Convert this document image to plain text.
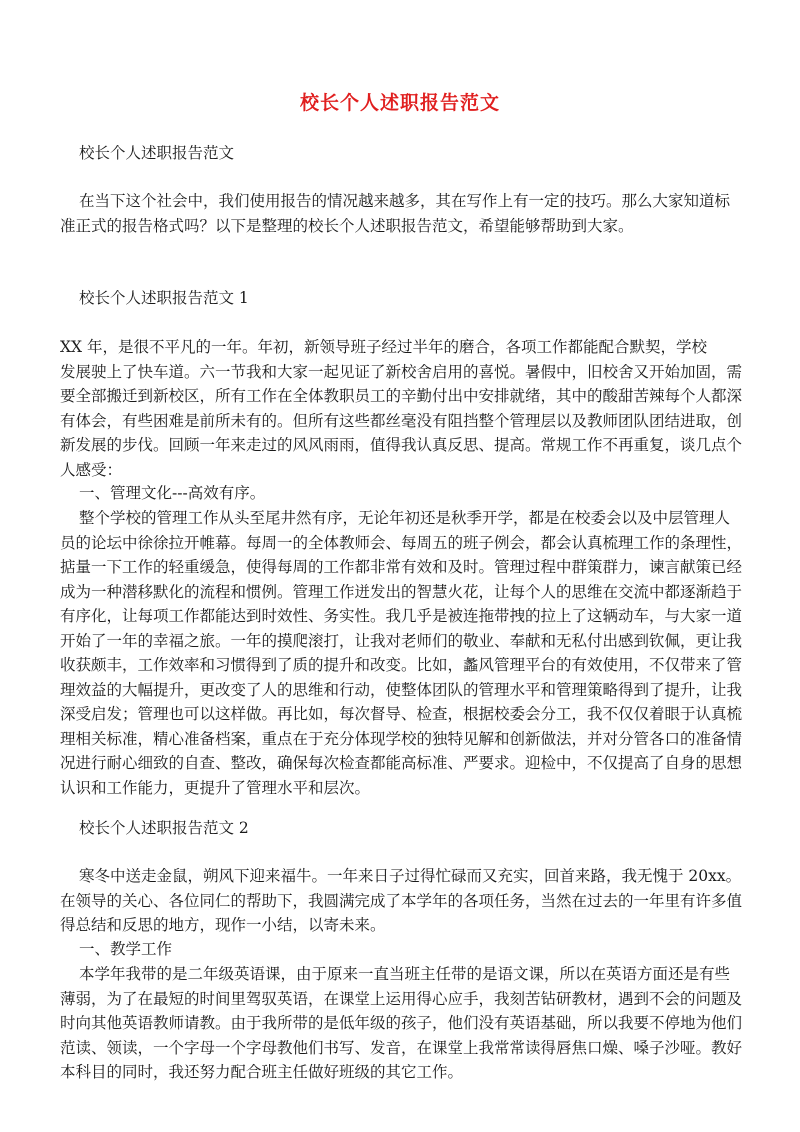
校长个人述职报告范文

校长个人述职报告范文

在当下这个社会中，我们使用报告的情况越来越多，其在写作上有一定的技巧。那么大家知道标
准正式的报告格式吗？以下是整理的校长个人述职报告范文，希望能够帮助到大家。

校长个人述职报告范文 1

XX 年，是很不平凡的一年。年初，新领导班子经过半年的磨合，各项工作都能配合默契，学校
发展驶上了快车道。六一节我和大家一起见证了新校舍启用的喜悦。暑假中，旧校舍又开始加固，需
要全部搬迁到新校区，所有工作在全体教职员工的辛勤付出中安排就绪，其中的酸甜苦辣每个人都深
有体会，有些困难是前所未有的。但所有这些都丝毫没有阻挡整个管理层以及教师团队团结进取，创
新发展的步伐。回顾一年来走过的风风雨雨，值得我认真反思、提高。常规工作不再重复，谈几点个
人感受：

一、管理文化---高效有序。

整个学校的管理工作从头至尾井然有序，无论年初还是秋季开学，都是在校委会以及中层管理人
员的论坛中徐徐拉开帷幕。每周一的全体教师会、每周五的班子例会，都会认真梳理工作的条理性，
掂量一下工作的轻重缓急，使得每周的工作都非常有效和及时。管理过程中群策群力，谏言献策已经
成为一种潜移默化的流程和惯例。管理工作迸发出的智慧火花，让每个人的思维在交流中都逐渐趋于
有序化，让每项工作都能达到时效性、务实性。我几乎是被连拖带拽的拉上了这辆动车，与大家一道
开始了一年的幸福之旅。一年的摸爬滚打，让我对老师们的敬业、奉献和无私付出感到钦佩，更让我
收获颇丰，工作效率和习惯得到了质的提升和改变。比如，蠡风管理平台的有效使用，不仅带来了管
理效益的大幅提升，更改变了人的思维和行动，使整体团队的管理水平和管理策略得到了提升，让我
深受启发；管理也可以这样做。再比如，每次督导、检查，根据校委会分工，我不仅仅着眼于认真梳
理相关标准，精心准备档案，重点在于充分体现学校的独特见解和创新做法，并对分管各口的准备情
况进行耐心细致的自查、整改，确保每次检查都能高标准、严要求。迎检中，不仅提高了自身的思想
认识和工作能力，更提升了管理水平和层次。

校长个人述职报告范文 2

寒冬中送走金鼠，朔风下迎来福牛。一年来日子过得忙碌而又充实，回首来路，我无愧于 20xx。
在领导的关心、各位同仁的帮助下，我圆满完成了本学年的各项任务，当然在过去的一年里有许多值
得总结和反思的地方，现作一小结，以寄未来。

一、教学工作

本学年我带的是二年级英语课，由于原来一直当班主任带的是语文课，所以在英语方面还是有些
薄弱，为了在最短的时间里驾驭英语，在课堂上运用得心应手，我刻苦钻研教材，遇到不会的问题及
时向其他英语教师请教。由于我所带的是低年级的孩子，他们没有英语基础，所以我要不停地为他们
范读、领读，一个字母一个字母教他们书写、发音，在课堂上我常常读得唇焦口燥、嗓子沙哑。教好
本科目的同时，我还努力配合班主任做好班级的其它工作。
